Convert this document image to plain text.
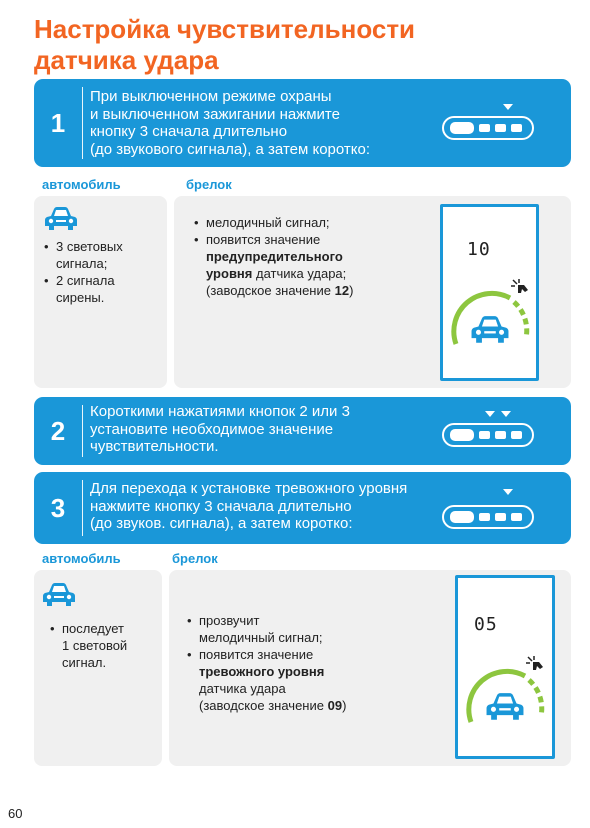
Настройка чувствительности
датчика удара
1
При выключенном режиме охраны
и выключенном зажигании нажмите
кнопку 3 сначала длительно
(до звукового сигнала), а затем коротко:
автомобиль	брелок
• 3 световых
сигнала;
• 2 сигнала
сирены.
• мелодичный сигнал;
• появится значение
предупредительного
уровня датчика удара;
(заводское значение 12)
10
2
Короткими нажатиями кнопок 2 или 3
установите необходимое значение
чувствительности.
3
Для перехода к установке тревожного уровня
нажмите кнопку 3 сначала длительно
(до звуков. сигнала), а затем коротко:
автомобиль	брелок
• последует
1 световой
сигнал.
• прозвучит
мелодичный сигнал;
• появится значение
тревожного уровня
датчика удара
(заводское значение 09)
05
60
